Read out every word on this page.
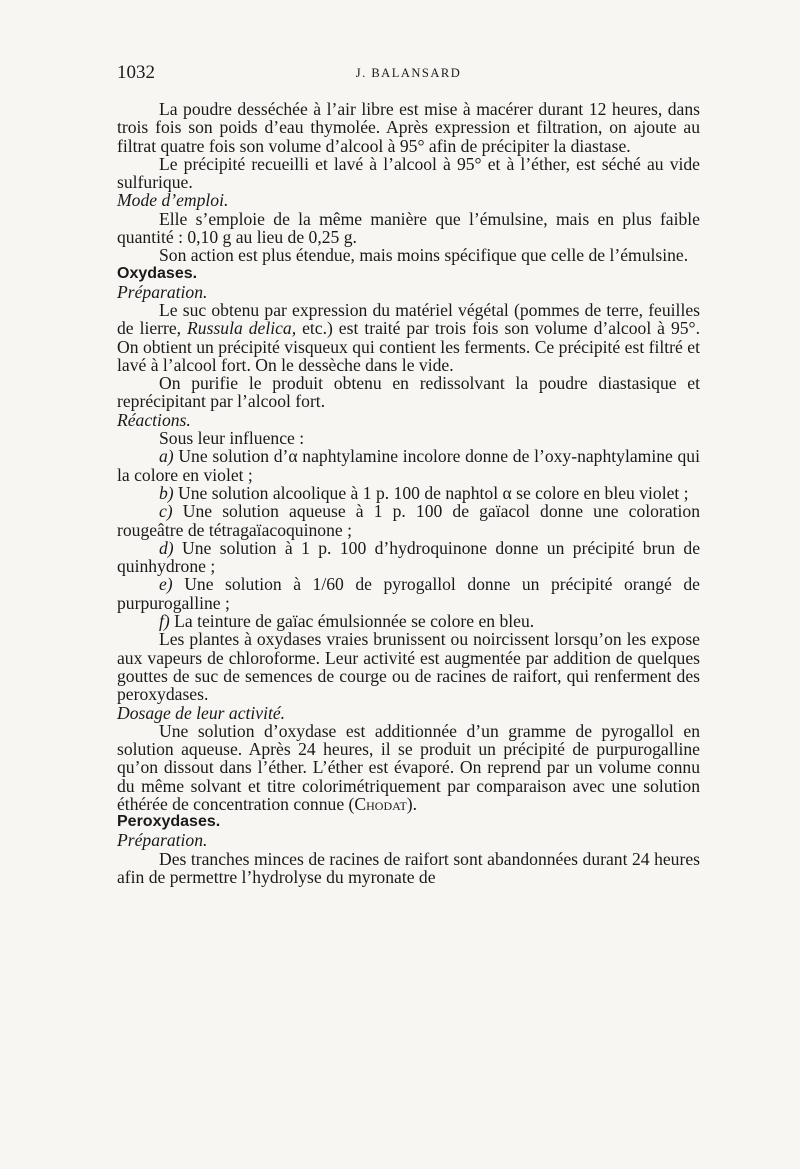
1032	J. BALANSARD

La poudre desséchée à l’air libre est mise à macérer durant 12 heures, dans trois fois son poids d’eau thymolée. Après expression et filtration, on ajoute au filtrat quatre fois son volume d’alcool à 95° afin de précipiter la diastase.

Le précipité recueilli et lavé à l’alcool à 95° et à l’éther, est séché au vide sulfurique.

Mode d’emploi.

Elle s’emploie de la même manière que l’émulsine, mais en plus faible quantité : 0,10 g au lieu de 0,25 g.

Son action est plus étendue, mais moins spécifique que celle de l’émulsine.

Oxydases.

Préparation.

Le suc obtenu par expression du matériel végétal (pommes de terre, feuilles de lierre, Russula delica, etc.) est traité par trois fois son volume d’alcool à 95°. On obtient un précipité visqueux qui contient les ferments. Ce précipité est filtré et lavé à l’alcool fort. On le dessèche dans le vide.

On purifie le produit obtenu en redissolvant la poudre diastasique et reprécipitant par l’alcool fort.

Réactions.

Sous leur influence :

a) Une solution d’α naphtylamine incolore donne de l’oxy-naphtylamine qui la colore en violet ;

b) Une solution alcoolique à 1 p. 100 de naphtol α se colore en bleu violet ;

c) Une solution aqueuse à 1 p. 100 de gaïacol donne une coloration rougeâtre de tétragaïacoquinone ;

d) Une solution à 1 p. 100 d’hydroquinone donne un précipité brun de quinhydrone ;

e) Une solution à 1/60 de pyrogallol donne un précipité orangé de purpurogalline ;

f) La teinture de gaïac émulsionnée se colore en bleu.

Les plantes à oxydases vraies brunissent ou noircissent lorsqu’on les expose aux vapeurs de chloroforme. Leur activité est augmentée par addition de quelques gouttes de suc de semences de courge ou de racines de raifort, qui renferment des peroxydases.

Dosage de leur activité.

Une solution d’oxydase est additionnée d’un gramme de pyrogallol en solution aqueuse. Après 24 heures, il se produit un précipité de purpurogalline qu’on dissout dans l’éther. L’éther est évaporé. On reprend par un volume connu du même solvant et titre colorimétriquement par comparaison avec une solution éthérée de concentration connue (Chodat).

Peroxydases.

Préparation.

Des tranches minces de racines de raifort sont abandonnées durant 24 heures afin de permettre l’hydrolyse du myronate de
